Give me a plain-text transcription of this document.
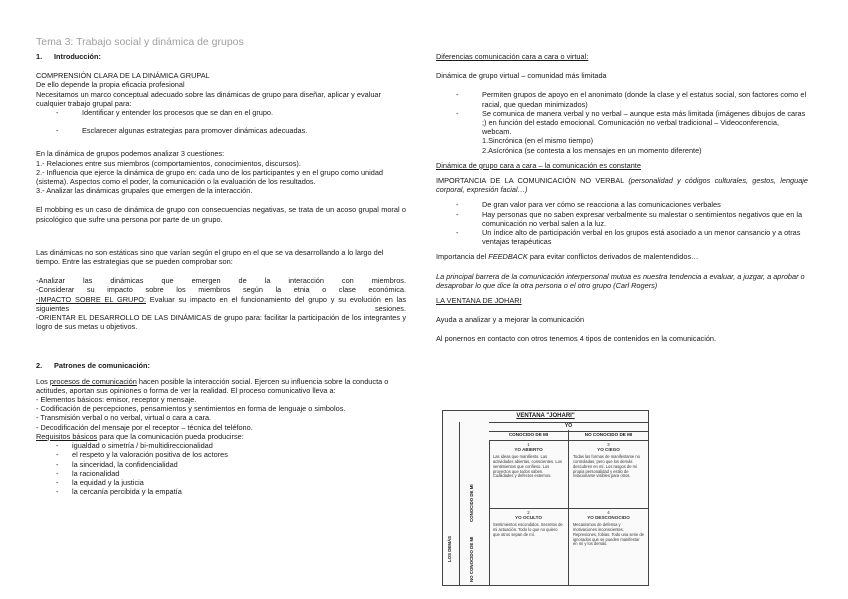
Tema 3: Trabajo social y dinámica de grupos

1. Introducción:

COMPRENSIÓN CLARA DE LA DINÁMICA GRUPAL

De ello depende la propia eficacia profesional

Necesitamos un marco conceptual adecuado sobre las dinámicas de grupo para diseñar, aplicar y evaluar cualquier trabajo grupal para:

- Identificar y entender los procesos que se dan en el grupo.
- Esclarecer algunas estrategias para promover dinámicas adecuadas.

En la dinámica de grupos podemos analizar 3 cuestiones:

1.- Relaciones entre sus miembros (comportamientos, conocimientos, discursos).

2.- Influencia que ejerce la dinámica de grupo en: cada uno de los participantes y en el grupo como unidad (sistema). Aspectos como el poder, la comunicación o la evaluación de los resultados.

3.- Analizar las dinámicas grupales que emergen de la interacción.

El mobbing es un caso de dinámica de grupo con consecuencias negativas, se trata de un acoso grupal moral o psicológico que sufre una persona por parte de un grupo.

Las dinámicas no son estáticas sino que varían según el grupo en el que se va desarrollando a lo largo del tiempo. Entre las estrategias que se pueden comprobar son:

-Analizar las dinámicas que emergen de la interacción con miembros.

-Considerar su impacto sobre los miembros según la etnia o clase económica.

-IMPACTO SOBRE EL GRUPO: Evaluar su impacto en el funcionamiento del grupo y su evolución en las siguientes sesiones.

-ORIENTAR EL DESARROLLO DE LAS DINÁMICAS de grupo para: facilitar la participación de los integrantes y logro de sus metas u objetivos.

2. Patrones de comunicación:

Los procesos de comunicación hacen posible la interacción social. Ejercen su influencia sobre la conducta o actitudes, aportan sus opiniones o forma de ver la realidad. El proceso comunicativo lleva a:

- Elementos básicos: emisor, receptor y mensaje.

- Codificación de percepciones, pensamientos y sentimientos en forma de lenguaje o simbolos.

- Transmisión verbal o no verbal, virtual o cara a cara.

- Decodificación del mensaje por el receptor – técnica del teléfono.

Requisitos básicos para que la comunicación pueda producirse:

- igualdad o simetría / bi-multidireccionalidad
- el respeto y la valoración positiva de los actores
- la sinceridad, la confidencialidad
- la racionalidad
- la equidad y la justicia
- la cercanía percibida y la empatía

Diferencias comunicación cara a cara o virtual:

Dinámica de grupo virtual – comunidad más limitada

- Permiten grupos de apoyo en el anonimato (donde la clase y el estatus social, son factores como el racial, que quedan minimizados)
- Se comunica de manera verbal y no verbal – aunque esta más limitada (imágenes dibujos de caras ;) en función del estado emocional. Comunicación no verbal tradicional – Videoconferencia, webcam.

1.Sincrónica (en el mismo tiempo)

2.Asícrónica (se contesta a los mensajes en un momento diferente)

Dinámica de grupo cara a cara – la comunicación es constante

IMPORTANCIA DE LA COMUNICACIÓN NO VERBAL (personalidad y códigos culturales, gestos, lenguaje corporal, expresión facial…)

- De gran valor para ver cómo se reacciona a las comunicaciones verbales
- Hay personas que no saben expresar verbalmente su malestar o sentimientos negativos que en la comunicación no verbal salen a la luz.
- Un índice alto de participación verbal en los grupos está asociado a un menor cansancio y a otras ventajas terapéuticas

Importancia del FEEDBACK para evitar conflictos derivados de malentendidos…

La principal barrera de la comunicación interpersonal mutua es nuestra tendencia a evaluar, a juzgar, a aprobar o desaprobar lo que dice la otra persona o el otro grupo (Carl Rogers)

LA VENTANA DE JOHARI

Ayuda a analizar y a mejorar la comunicación

Al ponernos en contacto con otros tenemos 4 tipos de contenidos en la comunicación.

VENTANA "JOHARI"
YO
CONOCIDO DE MI	NO CONOCIDO DE MI
LOS DEMÁS
CONOCIDO DE MI
NO CONOCIDO DE MI
1
YO ABIERTO
Las ideas que manifiesto. Las actividades abiertas, conscientes. Los sentimientos que confieso. Los proyectos que todos saben. Cualidades y defectos externos.
3
YO CIEGO
Todas las formas de manifestarse no controladas, pero que los demás descubren en mí. Los rasgos de mi propia personalidad y estilo de relacionarse visibles para otros.
2
YO OCULTO
Sentimientos escondidos. Secretos de mi actuación. Todo lo que no quiero que otros sepan de mí.
4
YO DESCONOCIDO
Mecanismos de defensa y motivaciones inconscientes. Represiones, fobias. Todo una serie de ignorados que se pueden manifestar en mí y los demás.
